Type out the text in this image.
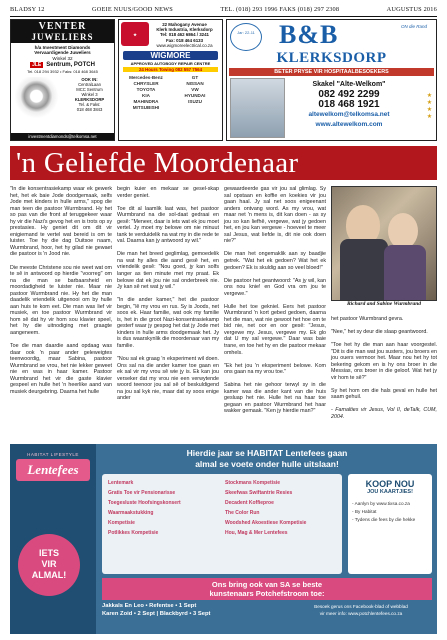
BLADSY 12	GOEIE NUUS/GOOD NEWS	TEL. (018) 293 1996 FAKS (018) 297 2308	AUGUSTUS 2016
VENTER
JUWELIERS
h/a Investment Diamonds
Vervaardigende Juweliers
Winkel 32
JLE Sentrum, POTCH
Tel. 018 294 3932 • Faks: 018 468 3645
OOK IN:
CentralLaan
MCC Sentrum
Winkel 3
KLERKSDORP
Tel. & Faks:
018 468 3843
investmentdiamonds@telkomsa.net
★
22 Mahogany Avenue
Klerk Industria, Klerksdorp
Tel: 018 462 6864 / 3241
Fax: 018 464 6133
www.wigmoreelectrical.co.za
WIGMORE
APPROVED AUTOBODY REPAIR CENTRE
24 Hours Towing 082 557 7564
Mercedes-Benz	GT
CHRYSLER	NISSAN
TOYOTA	VW
KIA	HYUNDAI
MAHINDRA	ISUZU
MITSUBISHI
Jar: 22-11 B&B	ON die Rand
KLERKSDORP
BETER PRYSE VIR HOSPITAALBESOEKERS
Skakel "Alte-Welkom"
082 492 2299
018 468 1921
altewelkom@telkomsa.net
www.altewelkom.com
★★★★
'n Geliefde Moordenaar

"In die konsentrasiekamp waar ek gewerk het, het ek baie Jode doodgemaak, selfs Jode met kinders in hulle arms," spog die man teen die pastoor Wurmbrand. Hy het so pas van die front af teruggekeer waar hy vir die Nazi's gevog het en is trots op sy prestasies. Hy geniet dit om dit vir enigiemand te vertel wat bereid is om te luister. Toe hy die dag Duitsoe naam, Wurmbrand, hoor, het hy gilad nie gewaet die pastoor is 'n Jood nie.

Die meeste Christene sou nie weet wat om te sê in antwoord op hierdie "voorreg" om na die man se barbaarsheid en moordadigheid te luister nie. Maar nie pastoor Wurmbrand nie. Hy het die man daadelik vriendelik uitgenooi om by hulle aan huis te kom eet. Die man was lief vir musiek, en toe pastoor Wurmbrand vir hom sê dat hy vir hom sou klavier speel, het hy die uitnodiging met graagte aangeneem.

Toe die man daardie aand opdaag was daar ook 'n paar ander geleweigtes teenwoordig, maar Sabina, pastoor Wurmbrand se vrou, het nie lekker geweet nie en was in haar kamer. Pastoor Wurmbrand het vir die gaste klavier gespeel en hulle het 'n heerlike aand van musiek deurgebring. Daarna het hulle

begin kuier en mekaar se gesel-skap verder geniet.

Toe dit al laamlik laat was, het pastoor Wurmbrand na die sol-daat gedraai en gesê: "Meneer, daar is iets wat ek jou moet vertel. Jy moet my belowe om nie minuut tank te verduidelik na wat my in die rede te val. Daarna kan jy antwoord sy wil."

Die man het breed geglimlag, gemoedelik na wat hy alles die aand gesê het, en vriendelik gesê: "Nou goed, jy kan solfs langer as tien minute met my praat. Ek belowe dat ek jou nie sal onderbreek nie. Jy kan sê net wat jy wil."

"In die ander kamer," het die pastoor begin, "lê my vrou en rus. Sy is Joods, net soos ek. Haar familie, wat ook my familie is, het in die groot Nazi-konsentrasiekamp gesterf waar jy gespog het dat jy Jode met kinders in hulle arms doodgemaak het. Jy is dus waarskynlik die moordenaar van my familie.

"Nou sal ek graag 'n eksperiment wil doen. Ons sal na die ander kamer toe gaan en ek sal vir my vrou sê wie jy is. Ek kan jou verseker dat my vrou nie een verwytende woord teenoor jou sal sê of beskuldigend na jou sal kyk nie, maar dat sy soos enige ander

gewaardeerde gas vir jou sal glimlag. Sy sal opstaan en koffie en koekies vir jou gaan haal. Jy sal net soos enigeenant anders ontvang word. As my vrou, wat maar net 'n mens is, dit kan doen - as sy jou so kan liefhê, vergewe, wat jy gedoen het, en jou kan vergewe - hoeveel te meer sal Jesus, wat liefde is, dit nie ook doen nie?"

Die man het ongemaklik aan sy baadjie getrek. "Wat het ek gedoen? Wat het ek gedoen? Ek is skuldig aan so veel bloed!"

Die pastoor het geantwoord: "As jy wil, kan ons nou knie! en God vra om jou te vergewe."

Hulle het toe gekniel. Eers het pastoor Wurmbrand 'n kort gebed gedoen, daarna het die man, wat nie gewoot het hoe om te bid nie, net oor en oor gesê: "Jesus, vergewe my. Jesus, vergewe my. Ek glo dat U my sal vergewe." Daar was baie trane, en toe het hy en die pastoor mekaar omhels.

"Ek het jou 'n eksperiment belowe. Kom ons gaan na my vrou toe."

Sabina het nie gehoor terwyl sy in die kamer was die ander kant van die huis gesluap het nie. Hulle het na haar toe gegaan en pastoor Wurmbrand het haar wakker gemaak. "Ken jy hierdie man?"

Richard and Sabine Wurmbrand

het pastoor Wurmbrand gevra.

"Nee," het sy deur die slaap geantwoord.

"Toe het hy die man aan haar voorgestel. "Dit is die man wat jou susters, jou broers en jou ouers vermoor het. Maar nou het hy tot bekering gekom en is hy ons broer in die Messias, ons broer in die geloof. Wat het jy vir hom te sê?"

Sy het hom om die hals geval en hulle het saam gehuil.

- Famalties vir Jesus, Vol II, deTalk, CUM, 2004.

HABITAT LIFESTYLE
Lentefees
IETS
VIR
ALMAL!
Hierdie jaar se HABITAT Lentefees gaan
almal se voete onder hulle uitslaan!
Lentemark
Gratis Toe vir Pensionarisse
Toegesluste Hoofsingskonsert
Waarmaakstukking
Kompetisie
Potlikkes Kompetisie
Stockmans Kompetisie
Skeefwas Swiftantrie Resies
Decadent Koffieproe
The Color Run
Woodshed Akoestiese Kompetisie
Hou, Mag & Mer Lentefees
KOOP NOU
JOU KAARTJIES!
- Aanlyn by www.tixsa.co.za
- By Habitat
- Tydens die fees by die hekke
Ons bring ook van SA se beste
kunstenaars Potchefstroom toe:
Jakkals En Leo • Refentse • 1 Sept
Karen Zoid • 2 Sept | Blackbyrd • 3 Sept
Besoek gerus ons Facebook-blad of webblad
vir meer info: www.potchlentefees.co.za
